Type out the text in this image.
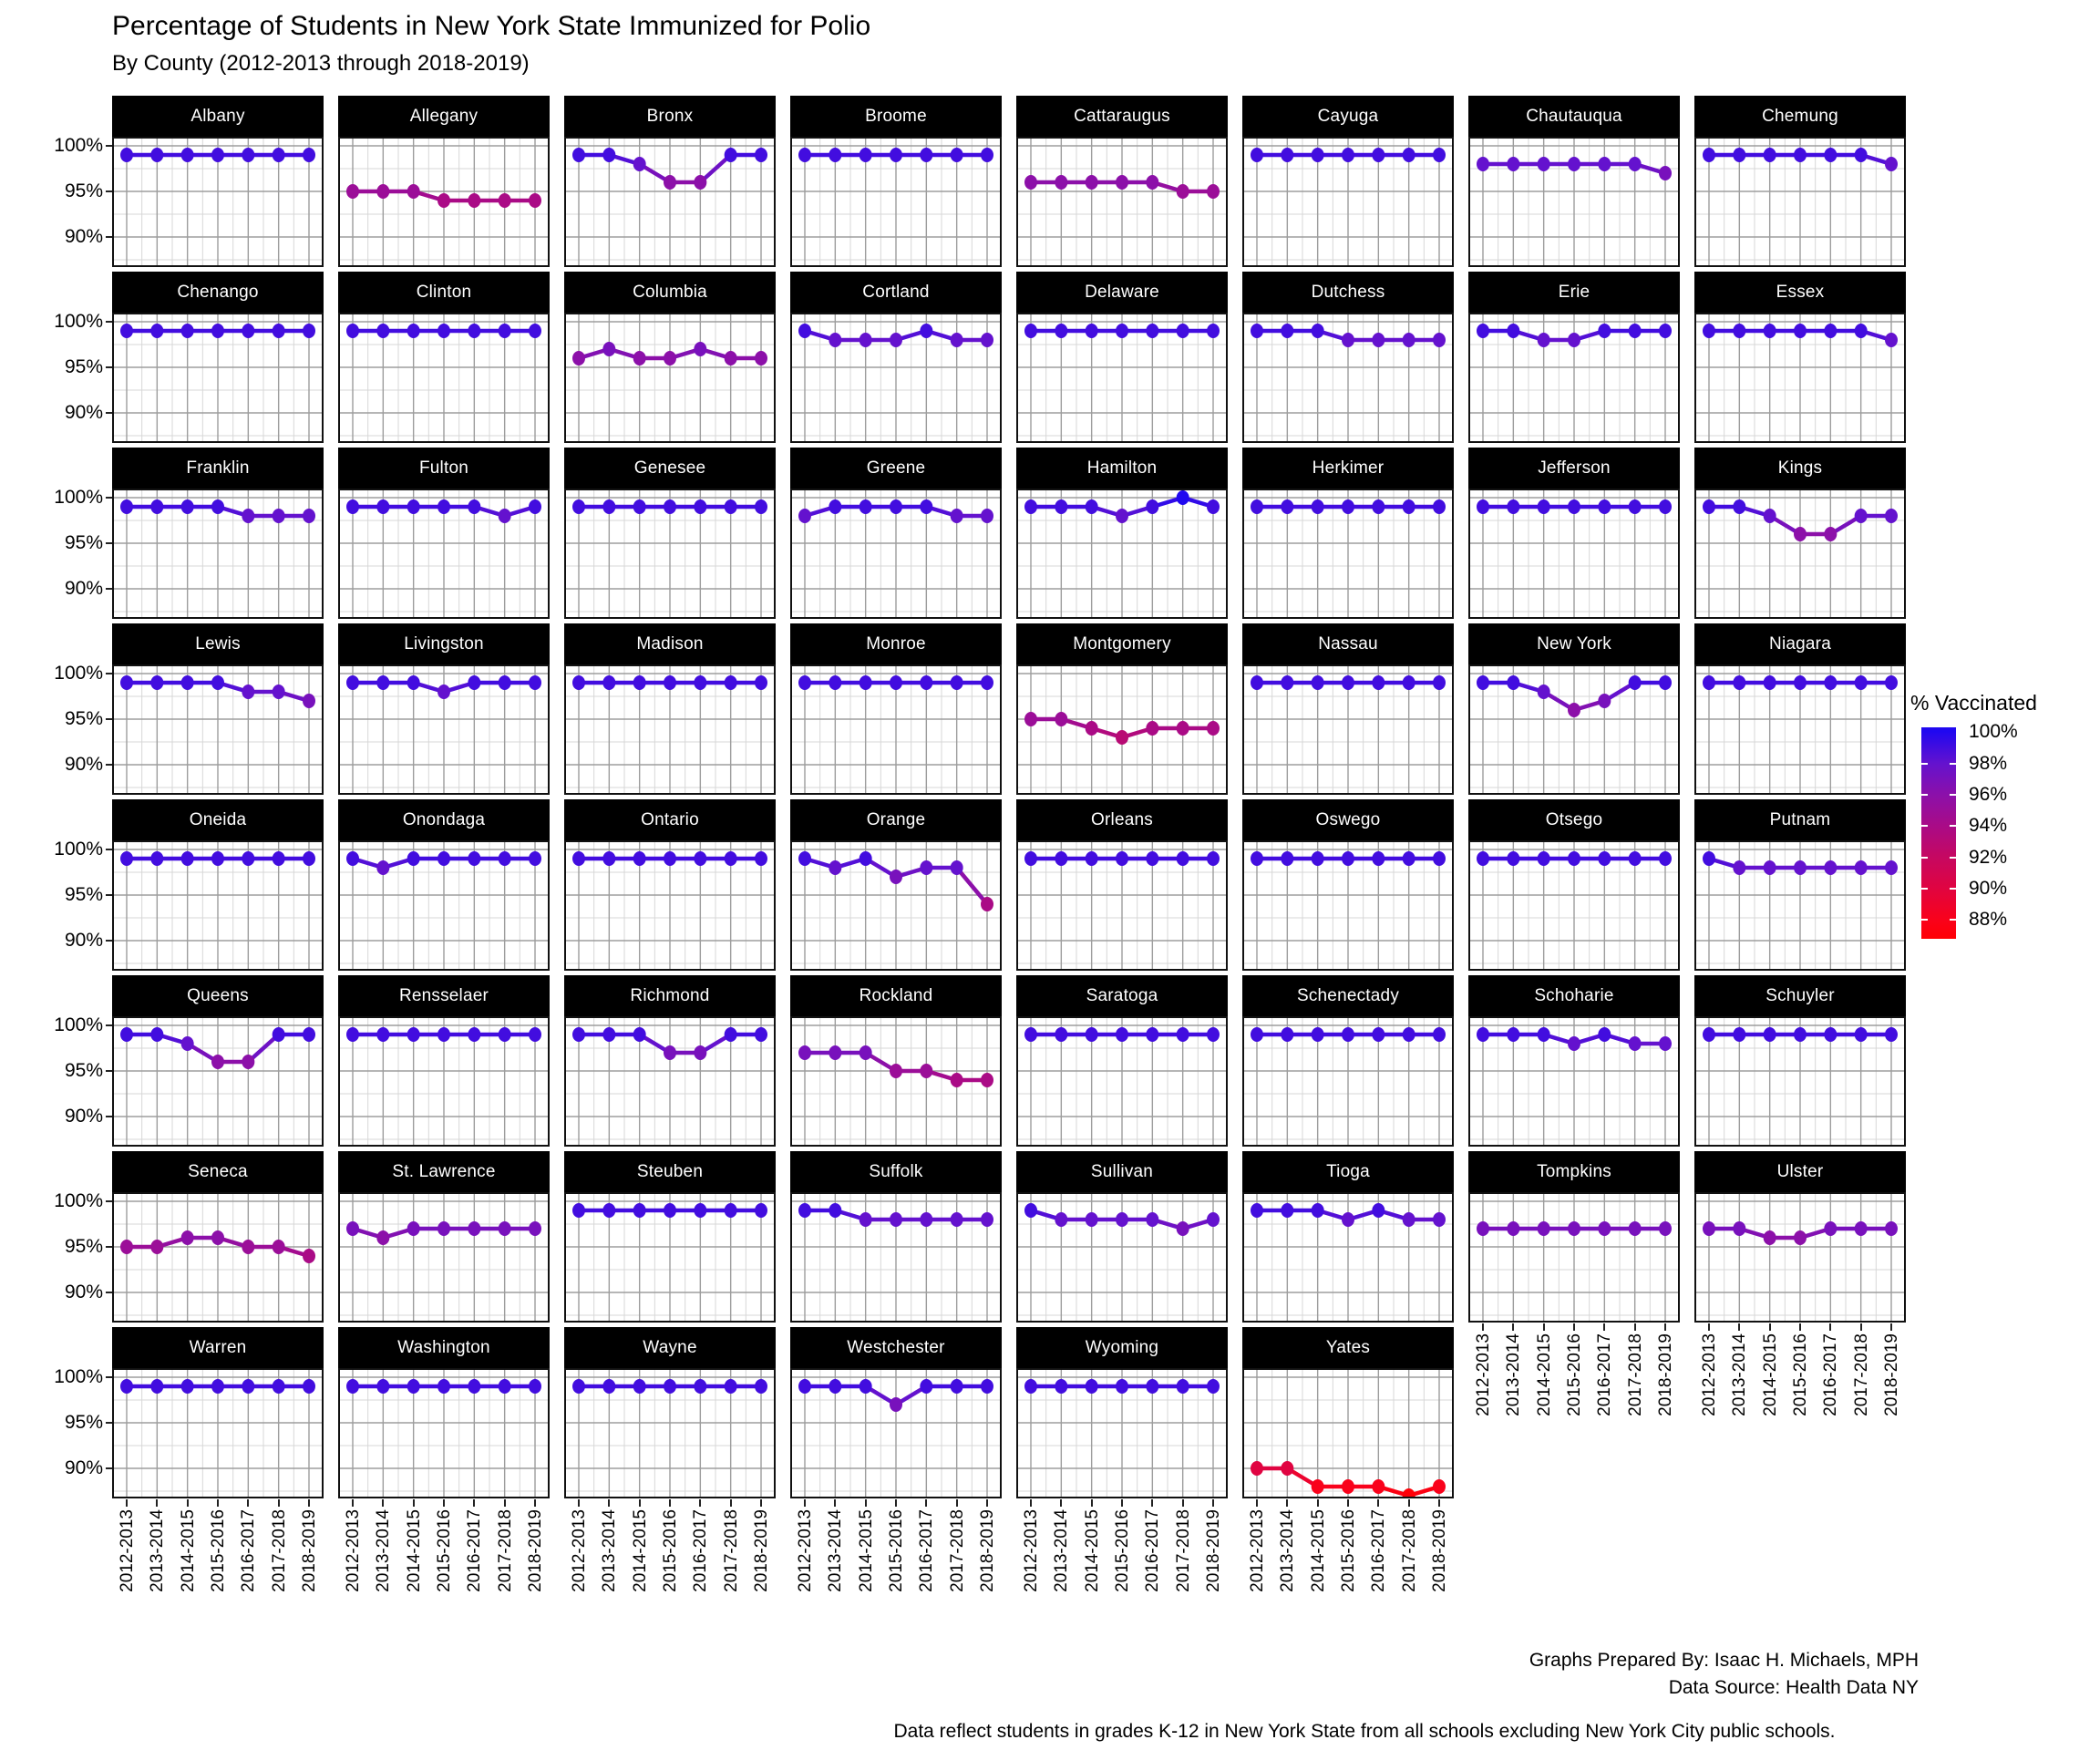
Percentage of Students in New York State Immunized for Polio
By County (2012-2013 through 2018-2019)
Albany
100%
95%
90%
Allegany	Bronx	Broome	Cattaraugus	Cayuga	Chautauqua	Chemung
Chenango
100%
95%
90%
Clinton	Columbia	Cortland	Delaware	Dutchess	Erie	Essex
Franklin
100%
95%
90%
Fulton	Genesee	Greene	Hamilton	Herkimer	Jefferson	Kings
Lewis
100%
95%
90%
Livingston	Madison	Monroe	Montgomery	Nassau	New York	Niagara
Oneida
100%
95%
90%
Onondaga	Ontario	Orange	Orleans	Oswego	Otsego	Putnam
Queens
100%
95%
90%
Rensselaer	Richmond	Rockland	Saratoga	Schenectady	Schoharie	Schuyler
Seneca
100%
95%
90%
St. Lawrence	Steuben	Suffolk	Sullivan	Tioga	Tompkins
2012-2013 2013-2014 2014-2015 2015-2016 2016-2017 2017-2018 2018-2019
Ulster
2012-2013 2013-2014 2014-2015 2015-2016 2016-2017 2017-2018 2018-2019
Warren
100%
95%
90%
2012-2013 2013-2014 2014-2015 2015-2016 2016-2017 2017-2018 2018-2019
Washington
2012-2013 2013-2014 2014-2015 2015-2016 2016-2017 2017-2018 2018-2019
Wayne
2012-2013 2013-2014 2014-2015 2015-2016 2016-2017 2017-2018 2018-2019
Westchester
2012-2013 2013-2014 2014-2015 2015-2016 2016-2017 2017-2018 2018-2019
Wyoming
2012-2013 2013-2014 2014-2015 2015-2016 2016-2017 2017-2018 2018-2019
Yates
2012-2013 2013-2014 2014-2015 2015-2016 2016-2017 2017-2018 2018-2019
% Vaccinated
100%
98%
96%
94%
92%
90%
88%
Graphs Prepared By: Isaac H. Michaels, MPH
Data Source: Health Data NY
Data reflect students in grades K-12 in New York State from all schools excluding New York City public schools.
